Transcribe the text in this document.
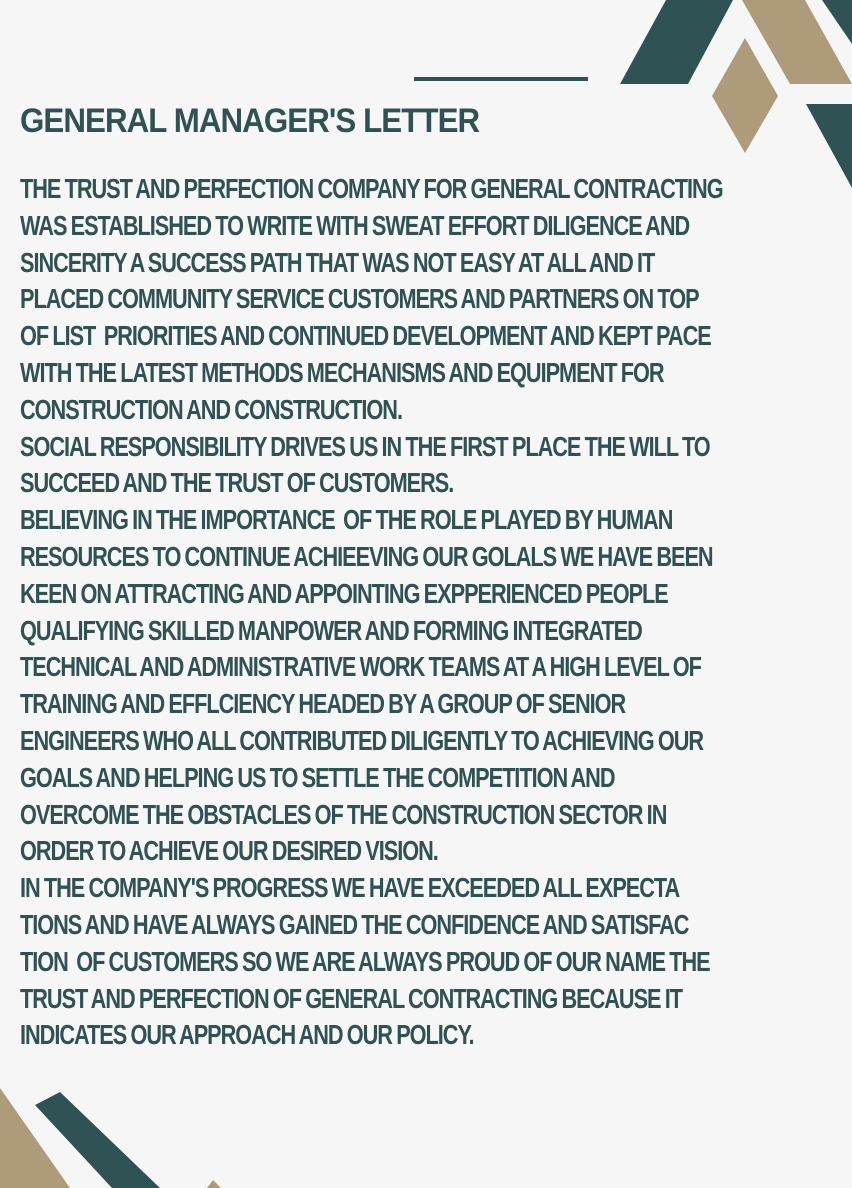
GENERAL MANAGER'S LETTER
THE TRUST AND PERFECTION COMPANY FOR GENERAL CONTRACTING
WAS ESTABLISHED TO WRITE WITH SWEAT EFFORT DILIGENCE AND
SINCERITY A SUCCESS PATH THAT WAS NOT EASY AT ALL AND IT
PLACED COMMUNITY SERVICE CUSTOMERS AND PARTNERS ON TOP
OF LIST  PRIORITIES AND CONTINUED DEVELOPMENT AND KEPT PACE
WITH THE LATEST METHODS MECHANISMS AND EQUIPMENT FOR
CONSTRUCTION AND CONSTRUCTION.
SOCIAL RESPONSIBILITY DRIVES US IN THE FIRST PLACE THE WILL TO
SUCCEED AND THE TRUST OF CUSTOMERS.
BELIEVING IN THE IMPORTANCE  OF THE ROLE PLAYED BY HUMAN
RESOURCES TO CONTINUE ACHIEEVING OUR GOLALS WE HAVE BEEN
KEEN ON ATTRACTING AND APPOINTING EXPPERIENCED PEOPLE
QUALIFYING SKILLED MANPOWER AND FORMING INTEGRATED
TECHNICAL AND ADMINISTRATIVE WORK TEAMS AT A HIGH LEVEL OF
TRAINING AND EFFLCIENCY HEADED BY A GROUP OF SENIOR
ENGINEERS WHO ALL CONTRIBUTED DILIGENTLY TO ACHIEVING OUR
GOALS AND HELPING US TO SETTLE THE COMPETITION AND
OVERCOME THE OBSTACLES OF THE CONSTRUCTION SECTOR IN
ORDER TO ACHIEVE OUR DESIRED VISION.
IN THE COMPANY'S PROGRESS WE HAVE EXCEEDED ALL EXPECTA
TIONS AND HAVE ALWAYS GAINED THE CONFIDENCE AND SATISFAC
TION  OF CUSTOMERS SO WE ARE ALWAYS PROUD OF OUR NAME THE
TRUST AND PERFECTION OF GENERAL CONTRACTING BECAUSE IT
INDICATES OUR APPROACH AND OUR POLICY.
